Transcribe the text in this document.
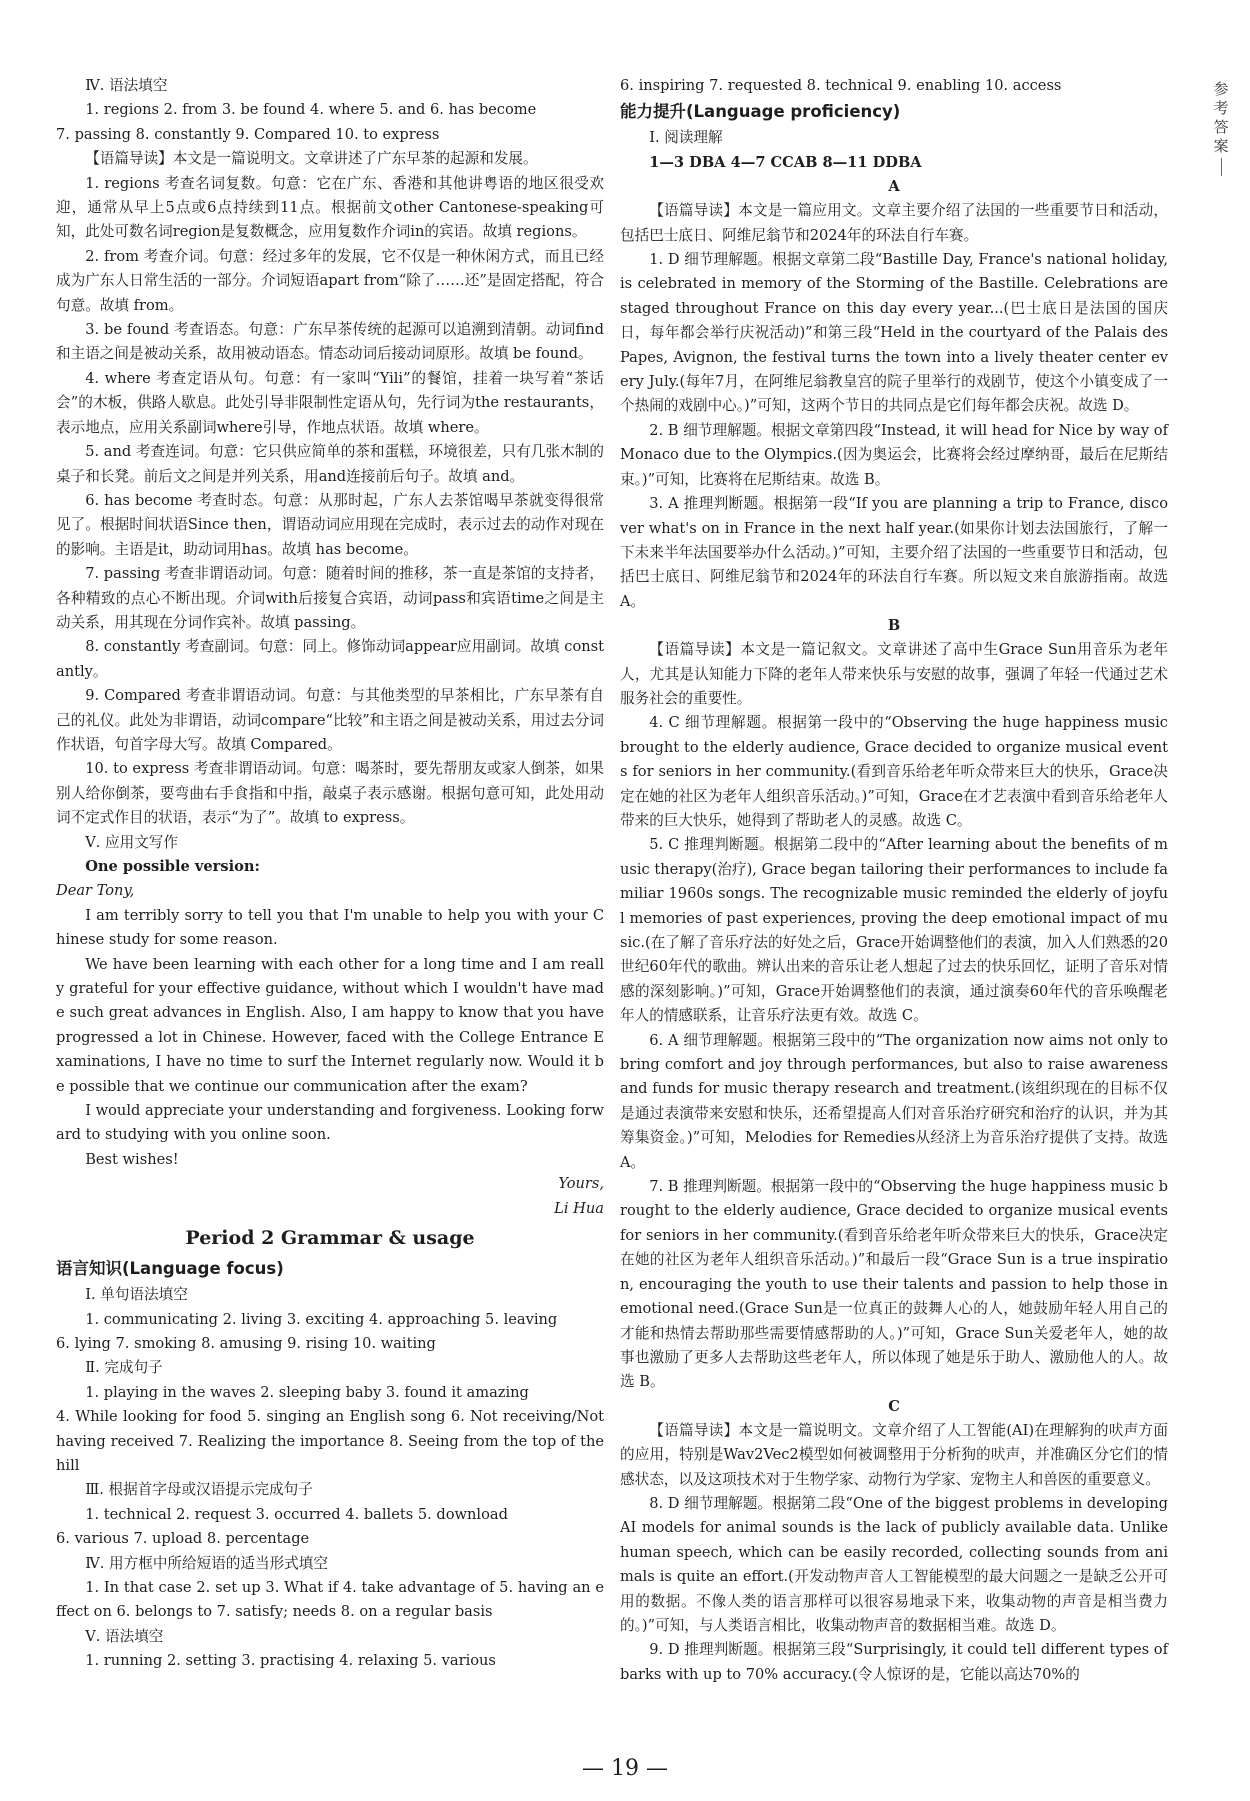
Ⅳ. 语法填空

1. regions 2. from 3. be found 4. where 5. and 6. has become

7. passing 8. constantly 9. Compared 10. to express

【语篇导读】本文是一篇说明文。文章讲述了广东早茶的起源和发展。

1. regions 考查名词复数。句意：它在广东、香港和其他讲粤语的地区很受欢迎，通常从早上5点或6点持续到11点。根据前文other Cantonese-speaking可知，此处可数名词region是复数概念，应用复数作介词in的宾语。故填 regions。

2. from 考查介词。句意：经过多年的发展，它不仅是一种休闲方式，而且已经成为广东人日常生活的一部分。介词短语apart from“除了……还”是固定搭配，符合句意。故填 from。

3. be found 考查语态。句意：广东早茶传统的起源可以追溯到清朝。动词find和主语之间是被动关系，故用被动语态。情态动词后接动词原形。故填 be found。

4. where 考查定语从句。句意：有一家叫“Yili”的餐馆，挂着一块写着“茶话会”的木板，供路人歇息。此处引导非限制性定语从句，先行词为the restaurants，表示地点，应用关系副词where引导，作地点状语。故填 where。

5. and 考查连词。句意：它只供应简单的茶和蛋糕，环境很差，只有几张木制的桌子和长凳。前后文之间是并列关系，用and连接前后句子。故填 and。

6. has become 考查时态。句意：从那时起，广东人去茶馆喝早茶就变得很常见了。根据时间状语Since then，谓语动词应用现在完成时，表示过去的动作对现在的影响。主语是it，助动词用has。故填 has become。

7. passing 考查非谓语动词。句意：随着时间的推移，茶一直是茶馆的支持者，各种精致的点心不断出现。介词with后接复合宾语，动词pass和宾语time之间是主动关系，用其现在分词作宾补。故填 passing。

8. constantly 考查副词。句意：同上。修饰动词appear应用副词。故填 constantly。

9. Compared 考查非谓语动词。句意：与其他类型的早茶相比，广东早茶有自己的礼仪。此处为非谓语，动词compare“比较”和主语之间是被动关系，用过去分词作状语，句首字母大写。故填 Compared。

10. to express 考查非谓语动词。句意：喝茶时，要先帮朋友或家人倒茶，如果别人给你倒茶，要弯曲右手食指和中指，敲桌子表示感谢。根据句意可知，此处用动词不定式作目的状语，表示“为了”。故填 to express。

Ⅴ. 应用文写作

One possible version:

Dear Tony,

I am terribly sorry to tell you that I'm unable to help you with your Chinese study for some reason.

We have been learning with each other for a long time and I am really grateful for your effective guidance, without which I wouldn't have made such great advances in English. Also, I am happy to know that you have progressed a lot in Chinese. However, faced with the College Entrance Examinations, I have no time to surf the Internet regularly now. Would it be possible that we continue our communication after the exam?

I would appreciate your understanding and forgiveness. Looking forward to studying with you online soon.

Best wishes!

Yours,

Li Hua

Period 2 Grammar & usage

语言知识(Language focus)

Ⅰ. 单句语法填空

1. communicating 2. living 3. exciting 4. approaching 5. leaving

6. lying 7. smoking 8. amusing 9. rising 10. waiting

Ⅱ. 完成句子

1. playing in the waves 2. sleeping baby 3. found it amazing

4. While looking for food 5. singing an English song 6. Not receiving/Not having received 7. Realizing the importance 8. Seeing from the top of the hill

Ⅲ. 根据首字母或汉语提示完成句子

1. technical 2. request 3. occurred 4. ballets 5. download

6. various 7. upload 8. percentage

Ⅳ. 用方框中所给短语的适当形式填空

1. In that case 2. set up 3. What if 4. take advantage of 5. having an effect on 6. belongs to 7. satisfy; needs 8. on a regular basis

Ⅴ. 语法填空

1. running 2. setting 3. practising 4. relaxing 5. various

6. inspiring 7. requested 8. technical 9. enabling 10. access

能力提升(Language proficiency)

Ⅰ. 阅读理解

1—3 DBA 4—7 CCAB 8—11 DDBA

A

【语篇导读】本文是一篇应用文。文章主要介绍了法国的一些重要节日和活动，包括巴士底日、阿维尼翁节和2024年的环法自行车赛。

1. D 细节理解题。根据文章第二段“Bastille Day, France's national holiday, is celebrated in memory of the Storming of the Bastille. Celebrations are staged throughout France on this day every year...(巴士底日是法国的国庆日，每年都会举行庆祝活动)”和第三段“Held in the courtyard of the Palais des Papes, Avignon, the festival turns the town into a lively theater center every July.(每年7月，在阿维尼翁教皇宫的院子里举行的戏剧节，使这个小镇变成了一个热闹的戏剧中心。)”可知，这两个节日的共同点是它们每年都会庆祝。故选 D。

2. B 细节理解题。根据文章第四段“Instead, it will head for Nice by way of Monaco due to the Olympics.(因为奥运会，比赛将会经过摩纳哥，最后在尼斯结束。)”可知，比赛将在尼斯结束。故选 B。

3. A 推理判断题。根据第一段“If you are planning a trip to France, discover what's on in France in the next half year.(如果你计划去法国旅行，了解一下未来半年法国要举办什么活动。)”可知，主要介绍了法国的一些重要节日和活动，包括巴士底日、阿维尼翁节和2024年的环法自行车赛。所以短文来自旅游指南。故选 A。

B

【语篇导读】本文是一篇记叙文。文章讲述了高中生Grace Sun用音乐为老年人，尤其是认知能力下降的老年人带来快乐与安慰的故事，强调了年轻一代通过艺术服务社会的重要性。

4. C 细节理解题。根据第一段中的“Observing the huge happiness music brought to the elderly audience, Grace decided to organize musical events for seniors in her community.(看到音乐给老年听众带来巨大的快乐，Grace决定在她的社区为老年人组织音乐活动。)”可知，Grace在才艺表演中看到音乐给老年人带来的巨大快乐，她得到了帮助老人的灵感。故选 C。

5. C 推理判断题。根据第二段中的“After learning about the benefits of music therapy(治疗), Grace began tailoring their performances to include familiar 1960s songs. The recognizable music reminded the elderly of joyful memories of past experiences, proving the deep emotional impact of music.(在了解了音乐疗法的好处之后，Grace开始调整他们的表演，加入人们熟悉的20世纪60年代的歌曲。辨认出来的音乐让老人想起了过去的快乐回忆，证明了音乐对情感的深刻影响。)”可知，Grace开始调整他们的表演，通过演奏60年代的音乐唤醒老年人的情感联系，让音乐疗法更有效。故选 C。

6. A 细节理解题。根据第三段中的“The organization now aims not only to bring comfort and joy through performances, but also to raise awareness and funds for music therapy research and treatment.(该组织现在的目标不仅是通过表演带来安慰和快乐，还希望提高人们对音乐治疗研究和治疗的认识，并为其筹集资金。)”可知，Melodies for Remedies从经济上为音乐治疗提供了支持。故选 A。

7. B 推理判断题。根据第一段中的“Observing the huge happiness music brought to the elderly audience, Grace decided to organize musical events for seniors in her community.(看到音乐给老年听众带来巨大的快乐，Grace决定在她的社区为老年人组织音乐活动。)”和最后一段“Grace Sun is a true inspiration, encouraging the youth to use their talents and passion to help those in emotional need.(Grace Sun是一位真正的鼓舞人心的人，她鼓励年轻人用自己的才能和热情去帮助那些需要情感帮助的人。)”可知，Grace Sun关爱老年人，她的故事也激励了更多人去帮助这些老年人，所以体现了她是乐于助人、激励他人的人。故选 B。

C

【语篇导读】本文是一篇说明文。文章介绍了人工智能(AI)在理解狗的吠声方面的应用，特别是Wav2Vec2模型如何被调整用于分析狗的吠声，并准确区分它们的情感状态，以及这项技术对于生物学家、动物行为学家、宠物主人和兽医的重要意义。

8. D 细节理解题。根据第二段“One of the biggest problems in developing AI models for animal sounds is the lack of publicly available data. Unlike human speech, which can be easily recorded, collecting sounds from animals is quite an effort.(开发动物声音人工智能模型的最大问题之一是缺乏公开可用的数据。不像人类的语言那样可以很容易地录下来，收集动物的声音是相当费力的。)”可知，与人类语言相比，收集动物声音的数据相当难。故选 D。

9. D 推理判断题。根据第三段“Surprisingly, it could tell different types of barks with up to 70% accuracy.(令人惊讶的是，它能以高达70%的

参
考
答
案
— 19 —
